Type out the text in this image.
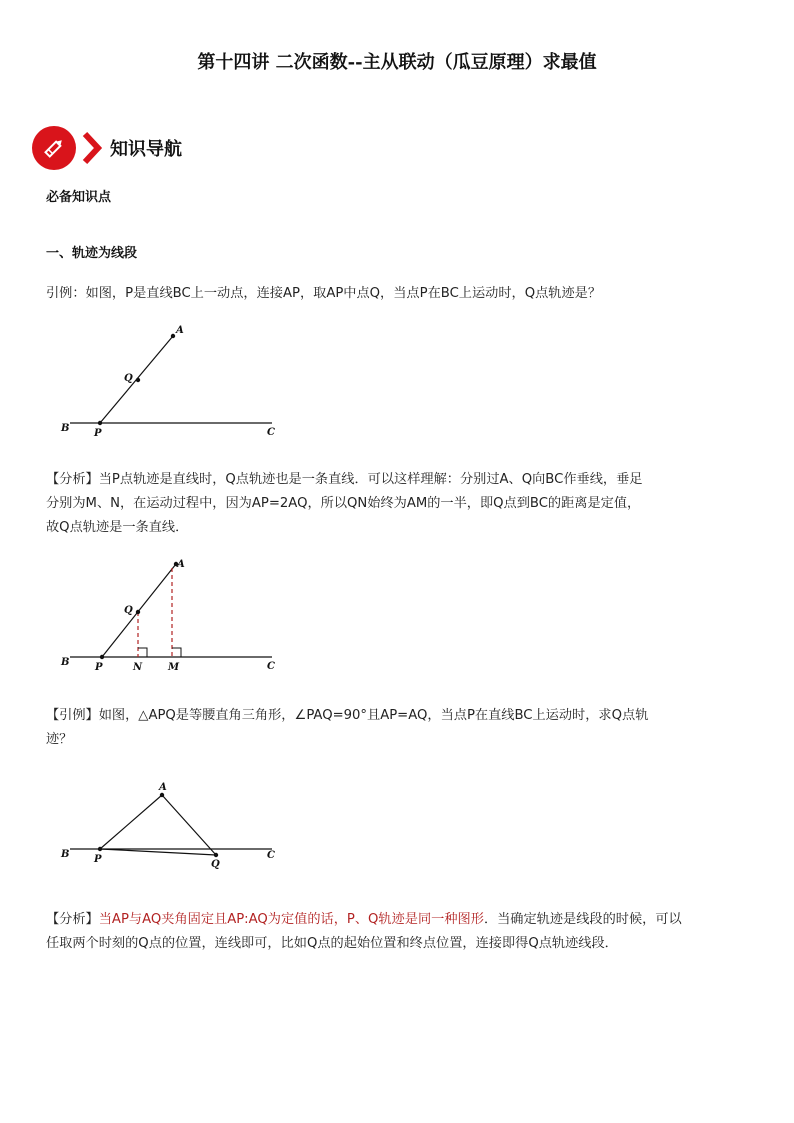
第十四讲 二次函数--主从联动（瓜豆原理）求最值
知识导航
必备知识点
一、轨迹为线段
引例：如图，P是直线BC上一动点，连接AP，取AP中点Q，当点P在BC上运动时，Q点轨迹是？
B P	C
Q
A
【分析】当P点轨迹是直线时，Q点轨迹也是一条直线．可以这样理解：分别过A、Q向BC作垂线，垂足
分别为M、N，在运动过程中，因为AP=2AQ，所以QN始终为AM的一半，即Q点到BC的距离是定值，
故Q点轨迹是一条直线．
B	P	N	M	C
Q
A
【引例】如图，△APQ是等腰直角三角形，∠PAQ=90°且AP=AQ，当点P在直线BC上运动时，求Q点轨
迹？
B P	Q
C
A
【分析】当AP与AQ夹角固定且AP:AQ为定值的话，P、Q轨迹是同一种图形．当确定轨迹是线段的时候，可以
任取两个时刻的Q点的位置，连线即可，比如Q点的起始位置和终点位置，连接即得Q点轨迹线段．
